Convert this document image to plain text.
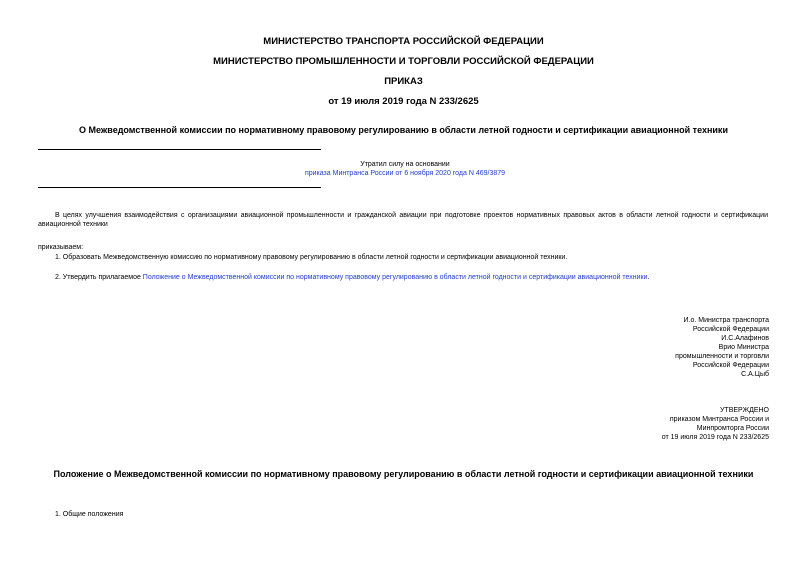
МИНИСТЕРСТВО ТРАНСПОРТА РОССИЙСКОЙ ФЕДЕРАЦИИ
МИНИСТЕРСТВО ПРОМЫШЛЕННОСТИ И ТОРГОВЛИ РОССИЙСКОЙ ФЕДЕРАЦИИ
ПРИКАЗ
от 19 июля 2019 года N 233/2625
О Межведомственной комиссии по нормативному правовому регулированию в области летной годности и сертификации авиационной техники
Утратил силу на основании
приказа Минтранса России от 6 ноября 2020 года N 469/3879
В целях улучшения взаимодействия с организациями авиационной промышленности и гражданской авиации при подготовке проектов нормативных правовых актов в области летной годности и сертификации авиационной техники
приказываем:
1. Образовать Межведомственную комиссию по нормативному правовому регулированию в области летной годности и сертификации авиационной техники.
2. Утвердить прилагаемое Положение о Межведомственной комиссии по нормативному правовому регулированию в области летной годности и сертификации авиационной техники.
И.о. Министра транспорта
Российской Федерации
И.С.Алафинов
Врио Министра
промышленности и торговли
Российской Федерации
С.А.Цыб
УТВЕРЖДЕНО
приказом Минтранса России и
Минпромторга России
от 19 июля 2019 года N 233/2625
Положение о Межведомственной комиссии по нормативному правовому регулированию в области летной годности и сертификации авиационной техники
1. Общие положения
